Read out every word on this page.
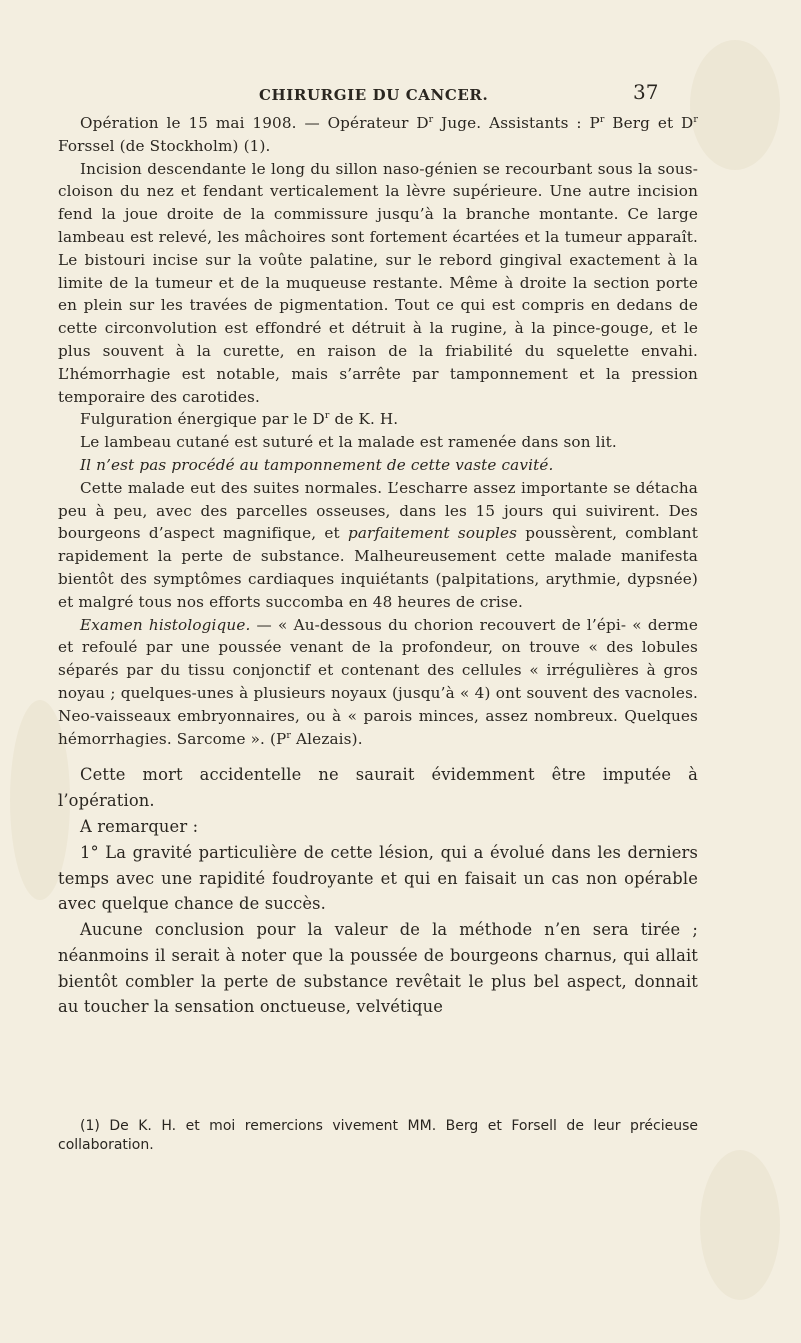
CHIRURGIE DU CANCER.	37

Opération le 15 mai 1908. — Opérateur $D^r$ Juge. Assistants : $P^r$ Berg et $D^r$ Forssel (de Stockholm) (1).

Incision descendante le long du sillon naso-génien se recourbant sous la sous-cloison du nez et fendant verticalement la lèvre supérieure. Une autre incision fend la joue droite de la commissure jusqu’à la branche montante. Ce large lambeau est relevé, les mâchoires sont fortement écartées et la tumeur apparaît. Le bistouri incise sur la voûte palatine, sur le rebord gingival exactement à la limite de la tumeur et de la muqueuse restante. Même à droite la section porte en plein sur les travées de pigmentation. Tout ce qui est compris en dedans de cette circonvolution est effondré et détruit à la rugine, à la pince-gouge, et le plus souvent à la curette, en raison de la friabilité du squelette envahi. L’hémorrhagie est notable, mais s’arrête par tamponnement et la pression temporaire des carotides.

Fulguration énergique par le $D^r$ de K. H.

Le lambeau cutané est suturé et la malade est ramenée dans son lit.

Il n’est pas procédé au tamponnement de cette vaste cavité.

Cette malade eut des suites normales. L’escharre assez importante se détacha peu à peu, avec des parcelles osseuses, dans les 15 jours qui suivirent. Des bourgeons d’aspect magnifique, et parfaitement souples poussèrent, comblant rapidement la perte de substance. Malheureusement cette malade manifesta bientôt des symptômes cardiaques inquiétants (palpitations, arythmie, dypsnée) et malgré tous nos efforts succomba en 48 heures de crise.

Examen histologique. — « Au-dessous du chorion recouvert de l’épi- « derme et refoulé par une poussée venant de la profondeur, on trouve « des lobules séparés par du tissu conjonctif et contenant des cellules « irrégulières à gros noyau ; quelques-unes à plusieurs noyaux (jusqu’à « 4) ont souvent des vacnoles. Neo-vaisseaux embryonnaires, ou à « parois minces, assez nombreux. Quelques hémorrhagies. Sarcome ». ($P^r$ Alezais).

Cette mort accidentelle ne saurait évidemment être imputée à l’opération.

A remarquer :

1° La gravité particulière de cette lésion, qui a évolué dans les derniers temps avec une rapidité foudroyante et qui en faisait un cas non opérable avec quelque chance de succès.

Aucune conclusion pour la valeur de la méthode n’en sera tirée ; néanmoins il serait à noter que la poussée de bourgeons charnus, qui allait bientôt combler la perte de substance revêtait le plus bel aspect, donnait au toucher la sensation onctueuse, velvétique

(1) De K. H. et moi remercions vivement MM. Berg et Forsell de leur précieuse collaboration.
